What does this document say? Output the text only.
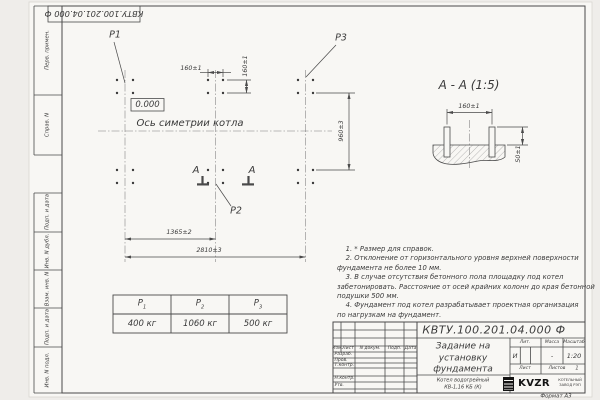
КВТУ.100.201.04.000 Ф
Перв. примен.
Справ. N
Подп. и дата
Инв. N дубл.
Взам. инв. N
Подп. и дата
Инв. N подл.
P1	P3
P2
0.000
Ось симетрии котла
160±1	160±1
960±3
1365±2
2810±3
А	А
А - А (1:5)
160±1
50±1
$Р_1$	$Р_2$	$Р_3$
400 кг	1060 кг	500 кг
1. * Размер для справок.
2. Отклонение от горизонтального уровня верхней поверхности
фундамента не более 10 мм.
3. В случае отсутствия бетонного пола площадку под котел
забетонировать. Расстояние от осей крайних колонн до края бетонной
подушки 500 мм.
4. Фундамент под котел разрабатывает проектная организация
по нагрузкам на фундамент.
КВТУ.100.201.04.000 Ф
Задание на
установку
фундамента
Изм. Лист N докум. Подп. Дата
Разраб.
Пров.
Т.контр.
Н.контр.
Утв.
Лит.	Масса Масштаб
И	- 1:20
Лист	Листов 1
Котел водогрейный
КВ-1,16 КБ (К)	KVZR КОТЕЛЬНЫЙ
ЗАВОД РЭП
Формат А3
